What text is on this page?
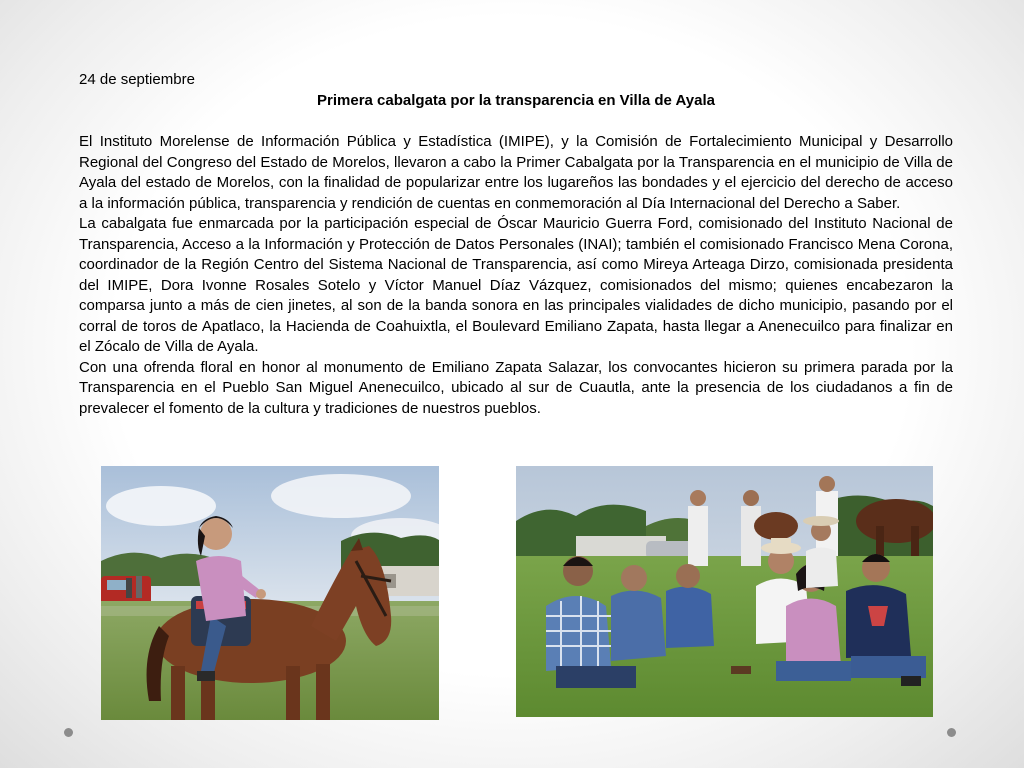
24 de septiembre
Primera cabalgata por la transparencia en Villa de Ayala

El Instituto Morelense de Información Pública y Estadística (IMIPE), y la Comisión de Fortalecimiento Municipal y Desarrollo Regional del Congreso del Estado de Morelos, llevaron a cabo la Primer Cabalgata por la Transparencia en el municipio de Villa de Ayala del estado de Morelos, con la finalidad de popularizar entre los lugareños las bondades y el ejercicio del derecho de acceso a la información pública, transparencia y rendición de cuentas en conmemoración al Día Internacional del Derecho a Saber.

La cabalgata fue enmarcada por la participación especial de Óscar Mauricio Guerra Ford, comisionado del Instituto Nacional de Transparencia, Acceso a la Información y Protección de Datos Personales (INAI); también el comisionado Francisco Mena Corona, coordinador de la Región Centro del Sistema Nacional de Transparencia, así como Mireya Arteaga Dirzo, comisionada presidenta del IMIPE, Dora Ivonne Rosales Sotelo y Víctor Manuel Díaz Vázquez, comisionados del mismo; quienes encabezaron la comparsa junto a más de cien jinetes, al son de la banda sonora en las principales vialidades de dicho municipio, pasando por el corral de toros de Apatlaco, la Hacienda de Coahuixtla, el Boulevard Emiliano Zapata, hasta llegar a Anenecuilco para finalizar en el Zócalo de Villa de Ayala.

Con una ofrenda floral en honor al monumento de Emiliano Zapata Salazar, los convocantes hicieron su primera parada por la Transparencia en el Pueblo San Miguel Anenecuilco, ubicado al sur de Cuautla, ante la presencia de los ciudadanos a fin de prevalecer el fomento de la cultura y tradiciones de nuestros pueblos.
